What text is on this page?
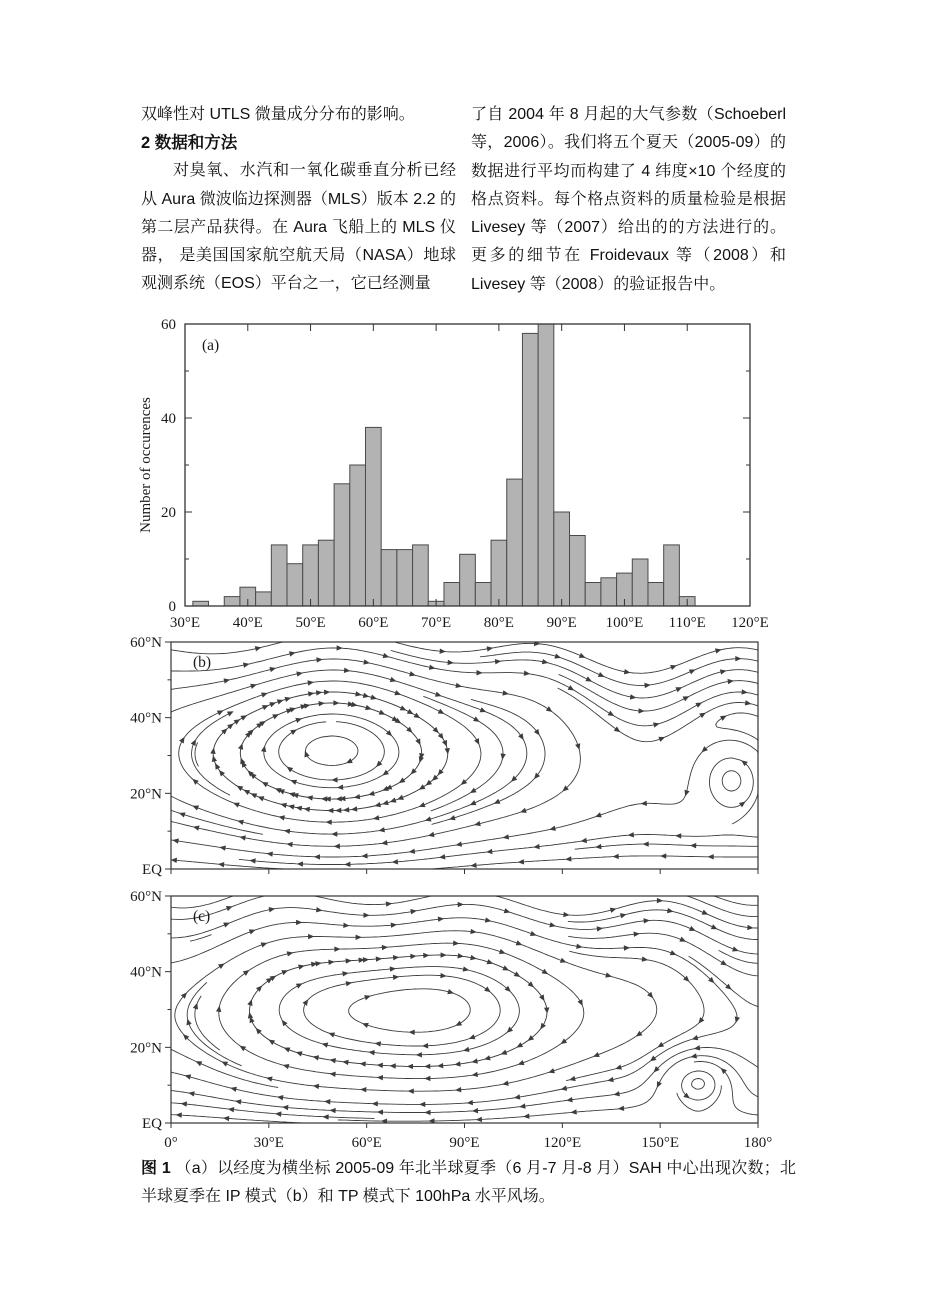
双峰性对 UTLS 微量成分分布的影响。

2 数据和方法

对臭氧、水汽和一氧化碳垂直分析已经从 Aura 微波临边探测器（MLS）版本 2.2 的第二层产品获得。在 Aura 飞船上的 MLS 仪器， 是美国国家航空航天局（NASA）地球观测系统（EOS）平台之一，它已经测量

了自 2004 年 8 月起的大气参数（Schoeberl 等，2006）。我们将五个夏天（2005-09）的数据进行平均而构建了 4 纬度×10 个经度的格点资料。每个格点资料的质量检验是根据 Livesey 等（2007）给出的的方法进行的。 更多的细节在 Froidevaux 等（2008）和 Livesey 等（2008）的验证报告中。

30°E 40°E 50°E 60°E 70°E 80°E 90°E 100°E 110°E 120°E
0
20
40
60
(a)
Number of occurences
60°N
40°N
20°N
EQ
(b)
60°N
40°N
20°N
EQ
0°	30°E	60°E	90°E	120°E	150°E	180°
(c)

图 1 （a）以经度为横坐标 2005-09 年北半球夏季（6 月-7 月-8 月）SAH 中心出现次数；北半球夏季在 IP 模式（b）和 TP 模式下 100hPa 水平风场。
